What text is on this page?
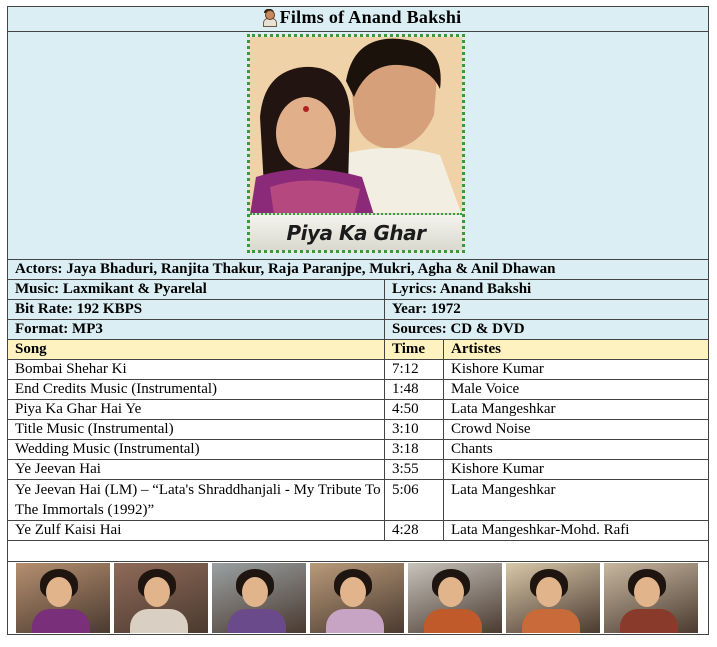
Films of Anand Bakshi		

Piya Ka Ghar		

Actors: Jaya Bhaduri, Ranjita Thakur, Raja Paranjpe, Mukri, Agha & Anil Dhawan		
Music: Laxmikant & Pyarelal	Lyrics: Anand Bakshi	
Bit Rate: 192 KBPS	Year: 1972	
Format: MP3	Sources: CD & DVD	
Song	Time	Artistes
Bombai Shehar Ki	7:12	Kishore Kumar
End Credits Music (Instrumental)	1:48	Male Voice
Piya Ka Ghar Hai Ye	4:50	Lata Mangeshkar
Title Music (Instrumental)	3:10	Crowd Noise
Wedding Music (Instrumental)	3:18	Chants
Ye Jeevan Hai	3:55	Kishore Kumar
Ye Jeevan Hai (LM) – “Lata's Shraddhanjali - My Tribute To The Immortals (1992)”	5:06	Lata Mangeshkar
Ye Zulf Kaisi Hai	4:28	Lata Mangeshkar-Mohd. Rafi
